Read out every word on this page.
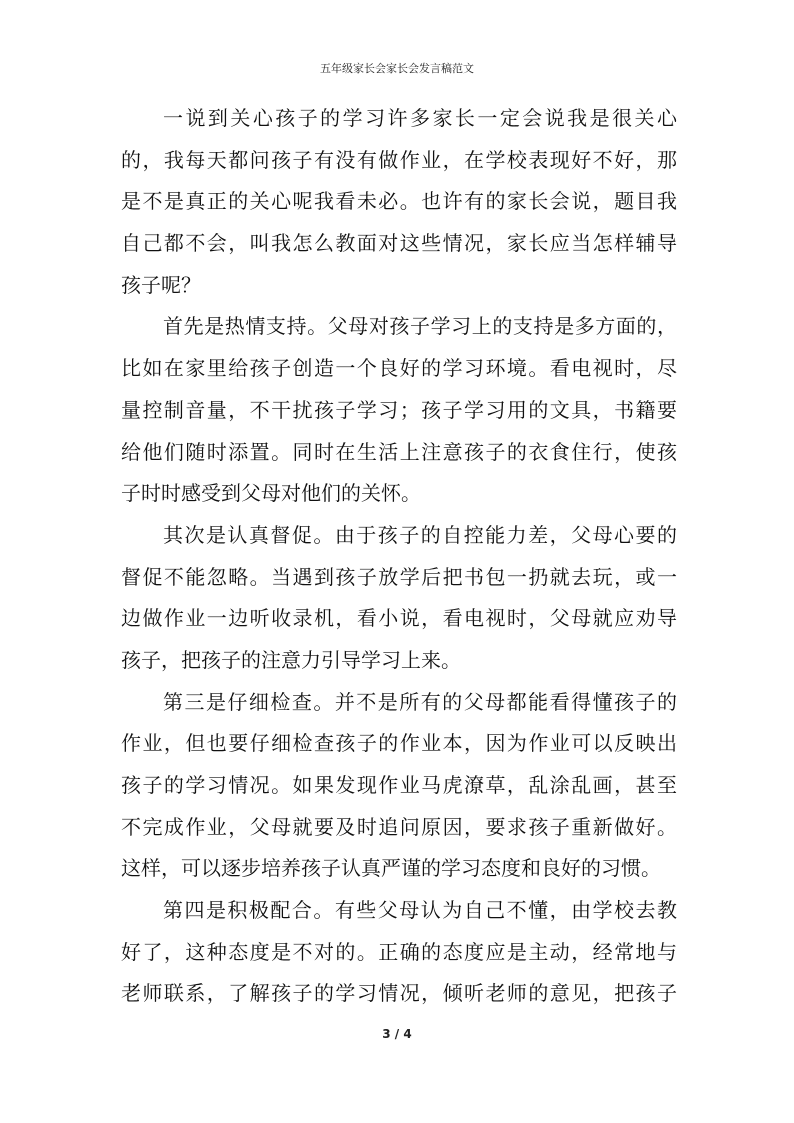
五年级家长会家长会发言稿范文
一说到关心孩子的学习许多家长一定会说我是很关心
的，我每天都问孩子有没有做作业，在学校表现好不好，那
是不是真正的关心呢我看未必。也许有的家长会说，题目我
自己都不会，叫我怎么教面对这些情况，家长应当怎样辅导
孩子呢？
首先是热情支持。父母对孩子学习上的支持是多方面的，
比如在家里给孩子创造一个良好的学习环境。看电视时，尽
量控制音量，不干扰孩子学习；孩子学习用的文具，书籍要
给他们随时添置。同时在生活上注意孩子的衣食住行，使孩
子时时感受到父母对他们的关怀。
其次是认真督促。由于孩子的自控能力差，父母心要的
督促不能忽略。当遇到孩子放学后把书包一扔就去玩，或一
边做作业一边听收录机，看小说，看电视时，父母就应劝导
孩子，把孩子的注意力引导学习上来。
第三是仔细检查。并不是所有的父母都能看得懂孩子的
作业，但也要仔细检查孩子的作业本，因为作业可以反映出
孩子的学习情况。如果发现作业马虎潦草，乱涂乱画，甚至
不完成作业，父母就要及时追问原因，要求孩子重新做好。
这样，可以逐步培养孩子认真严谨的学习态度和良好的习惯。
第四是积极配合。有些父母认为自己不懂，由学校去教
好了，这种态度是不对的。正确的态度应是主动，经常地与
老师联系，了解孩子的学习情况，倾听老师的意见，把孩子
3 / 4
